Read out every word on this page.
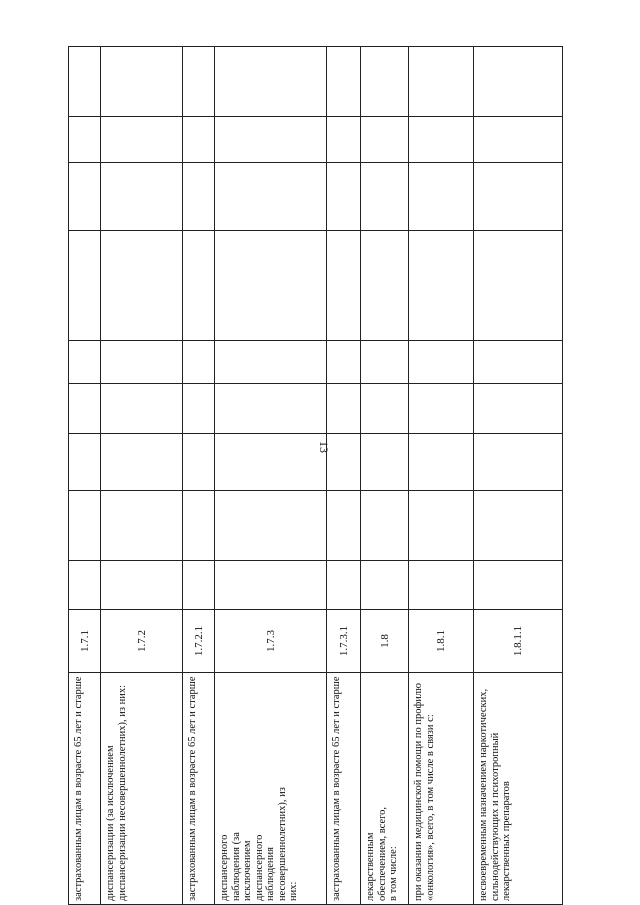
13
застрахованным лицам в возрасте 65 лет и старше
1.7.1
диспансеризации (за исключением диспансеризации несовершеннолетних), из них:
1.7.2
застрахованным лицам в возрасте 65 лет и старше
1.7.2.1
диспансерного наблюдения (за исключением диспансерного наблюдения несовершеннолетних), из них:
1.7.3
застрахованным лицам в возрасте 65 лет и старше
1.7.3.1
лекарственным обеспечением, всего, в том числе:
1.8
при оказании медицинской помощи по профилю «онкология», всего, в том числе в связи с:
1.8.1
несвоевременным назначением наркотических, сильнодействующих и психотропный лекарственных препаратов
1.8.1.1
